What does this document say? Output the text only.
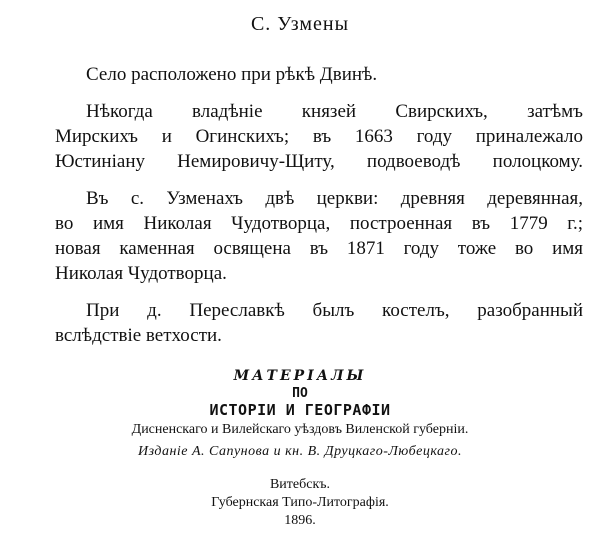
С. Узмены
Село расположено при рѣкѣ Двинѣ.
Нѣкогда владѣніе князей Свирскихъ, затѣмъ
Мирскихъ и Огинскихъ; въ 1663 году приналежало
Юстиніану Немировичу-Щиту, подвоеводѣ полоцкому.
Въ с. Узменахъ двѣ церкви: древняя деревянная,
во имя Николая Чудотворца, построенная въ 1779 г.;
новая каменная освящена въ 1871 году тоже во имя
Николая Чудотворца.
При д. Переславкѣ былъ костелъ, разобранный
вслѣдствіе ветхости.
МАТЕРІАЛЫ
ПО
ИСТОРІИ И ГЕОГРАФІИ
Дисненскаго и Вилейскаго уѣздовъ Виленской губерніи.
Изданіе А. Сапунова и кн. В. Друцкаго-Любецкаго.
Витебскъ.
Губернская Типо-Литографія.
1896.
